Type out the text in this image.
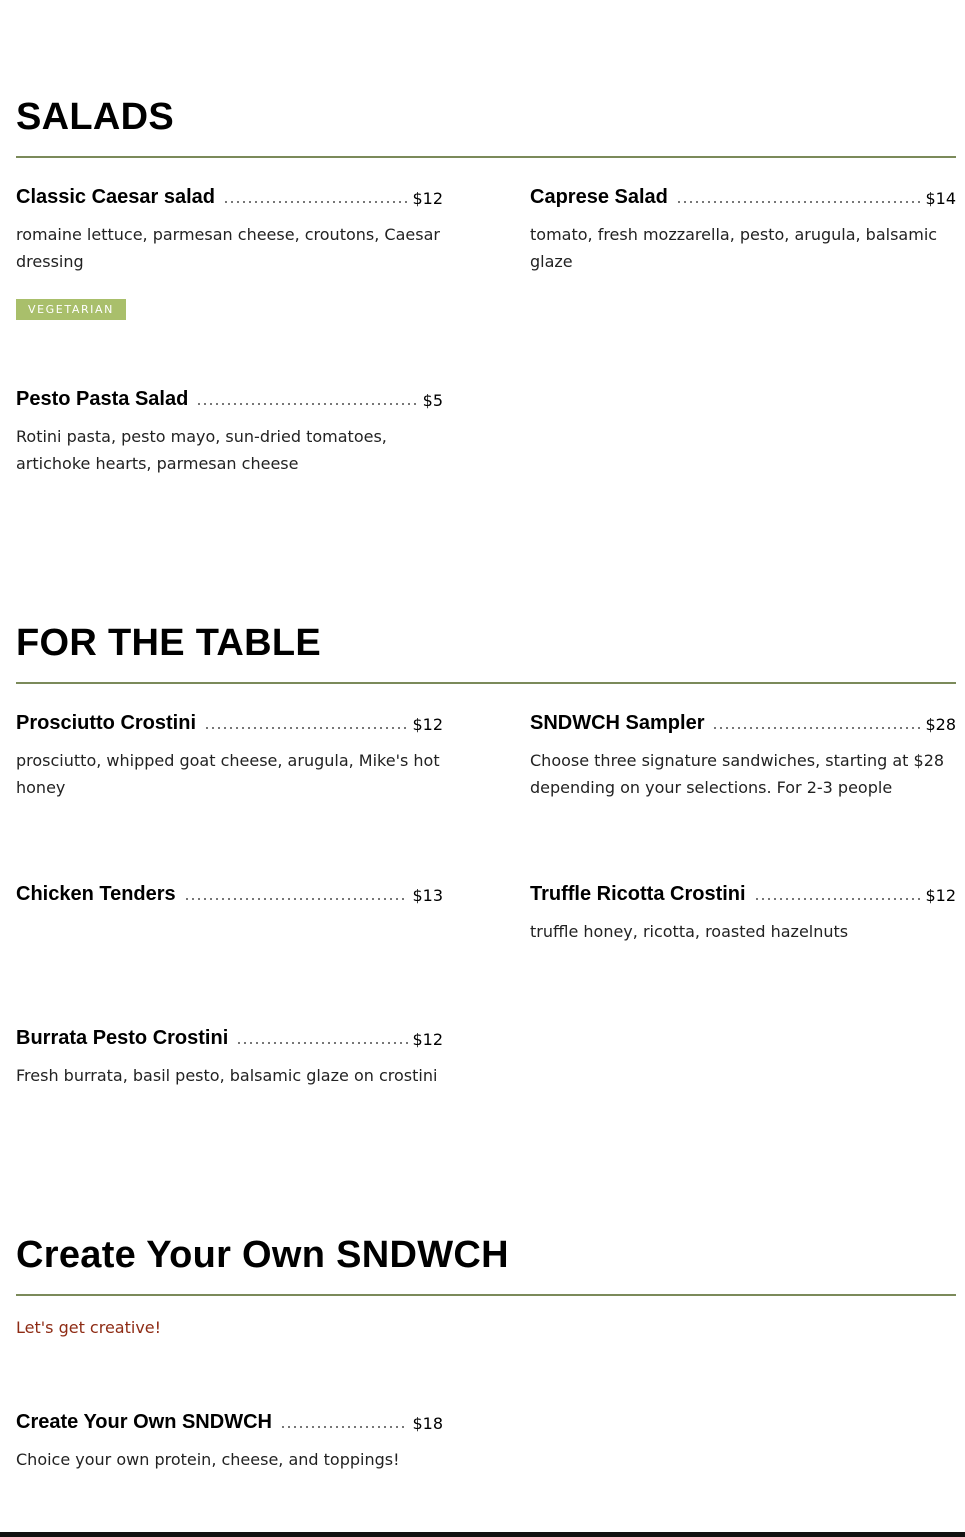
SALADS
Classic Caesar salad	$12

romaine lettuce, parmesan cheese, croutons, Caesar dressing

VEGETARIAN
Caprese Salad	$14

tomato, fresh mozzarella, pesto, arugula, balsamic glaze

Pesto Pasta Salad	$5

Rotini pasta, pesto mayo, sun-dried tomatoes, artichoke hearts, parmesan cheese

FOR THE TABLE
Prosciutto Crostini	$12

prosciutto, whipped goat cheese, arugula, Mike's hot honey

SNDWCH Sampler	$28

Choose three signature sandwiches, starting at $28 depending on your selections. For 2-3 people

Chicken Tenders	$13	Truffle Ricotta Crostini	$12

truffle honey, ricotta, roasted hazelnuts

Burrata Pesto Crostini	$12

Fresh burrata, basil pesto, balsamic glaze on crostini

Create Your Own SNDWCH

Let's get creative!

Create Your Own SNDWCH	$18

Choice your own protein, cheese, and toppings!
